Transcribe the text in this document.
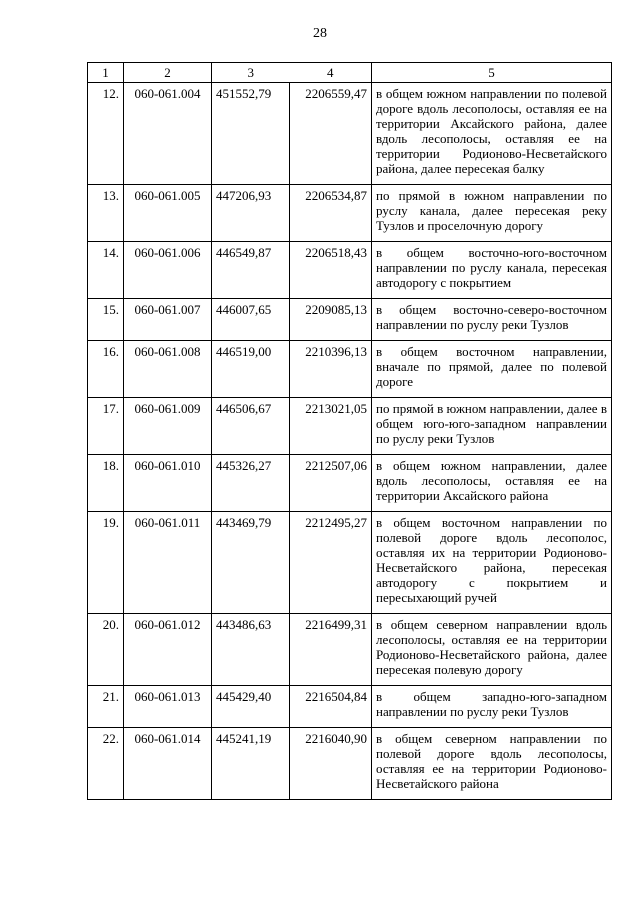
28
1	2	3	4	5
12.	060-061.004	451552,79	2206559,47	в общем южном направлении по полевой дороге вдоль лесополосы, оставляя ее на территории Аксайского района, далее вдоль лесополосы, оставляя ее на территории Родионово-Несветайского района, далее пересекая балку
13.	060-061.005	447206,93	2206534,87	по прямой в южном направлении по руслу канала, далее пересекая реку Тузлов и проселочную дорогу
14.	060-061.006	446549,87	2206518,43	в общем восточно-юго-восточном направлении по руслу канала, пересекая автодорогу с покрытием
15.	060-061.007	446007,65	2209085,13	в общем восточно-северо-восточном направлении по руслу реки Тузлов
16.	060-061.008	446519,00	2210396,13	в общем восточном направлении, вначале по прямой, далее по полевой дороге
17.	060-061.009	446506,67	2213021,05	по прямой в южном направлении, далее в общем юго-юго-западном направлении по руслу реки Тузлов
18.	060-061.010	445326,27	2212507,06	в общем южном направлении, далее вдоль лесополосы, оставляя ее на территории Аксайского района
19.	060-061.011	443469,79	2212495,27	в общем восточном направлении по полевой дороге вдоль лесополос, оставляя их на территории Родионово-Несветайского района, пересекая автодорогу с покрытием и пересыхающий ручей
20.	060-061.012	443486,63	2216499,31	в общем северном направлении вдоль лесополосы, оставляя ее на территории Родионово-Несветайского района, далее пересекая полевую дорогу
21.	060-061.013	445429,40	2216504,84	в общем западно-юго-западном направлении по руслу реки Тузлов
22.	060-061.014	445241,19	2216040,90	в общем северном направлении по полевой дороге вдоль лесополосы, оставляя ее на территории Родионово-Несветайского района
